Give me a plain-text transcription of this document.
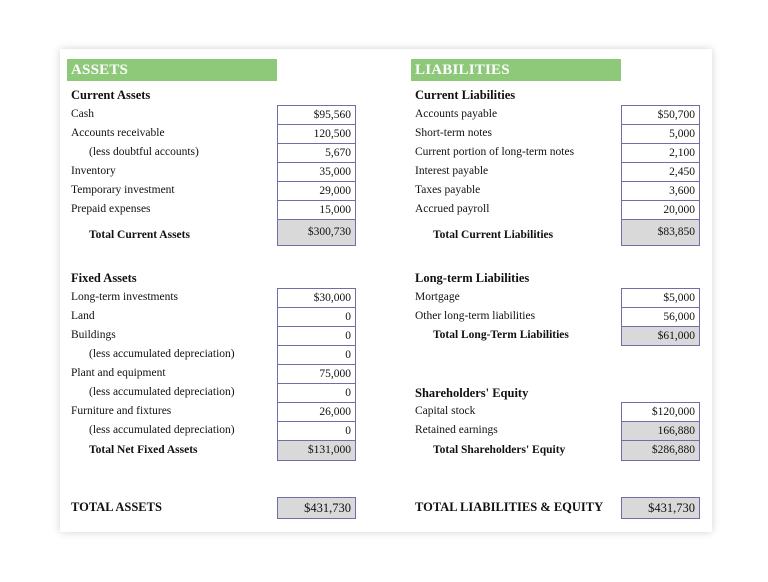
ASSETS
Current Assets
Cash
Accounts receivable
(less doubtful accounts)
Inventory
Temporary investment
Prepaid expenses
Total Current Assets
$95,560
120,500
5,670
35,000
29,000
15,000
$300,730
Fixed Assets
Long-term investments
Land
Buildings
(less accumulated depreciation)
Plant and equipment
(less accumulated depreciation)
Furniture and fixtures
(less accumulated depreciation)
Total Net Fixed Assets
$30,000
0
0
0
75,000
0
26,000
0
$131,000
TOTAL ASSETS	$431,730
LIABILITIES
Current Liabilities
Accounts payable
Short-term notes
Current portion of long-term notes
Interest payable
Taxes payable
Accrued payroll
Total Current Liabilities
$50,700
5,000
2,100
2,450
3,600
20,000
$83,850
Long-term Liabilities
Mortgage
Other long-term liabilities
Total Long-Term Liabilities
$5,000
56,000
$61,000
Shareholders' Equity
Capital stock
Retained earnings
Total Shareholders' Equity
$120,000
166,880
$286,880
TOTAL LIABILITIES & EQUITY	$431,730
